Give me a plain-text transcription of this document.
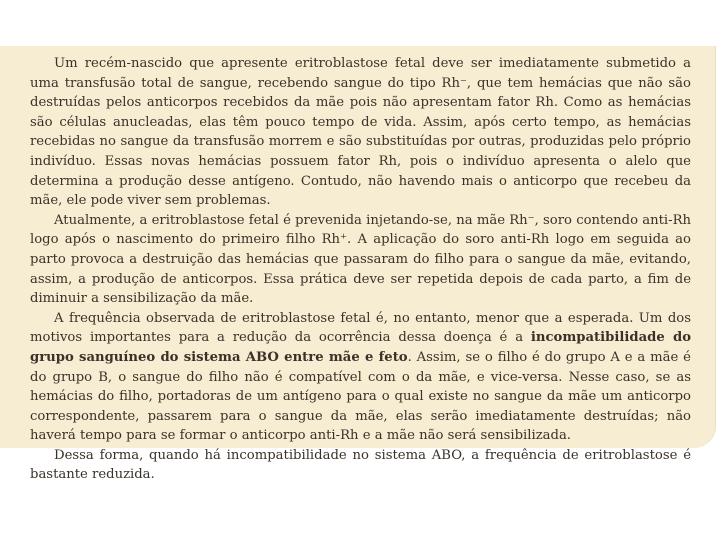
Um recém-nascido que apresente eritroblastose fetal deve ser imediatamente submetido a uma transfusão total de sangue, recebendo sangue do tipo Rh⁻, que tem hemácias que não são destruídas pelos anticorpos recebidos da mãe pois não apresentam fator Rh. Como as hemácias são células anucleadas, elas têm pouco tempo de vida. Assim, após certo tempo, as hemácias recebidas no sangue da transfusão morrem e são substituídas por outras, produzidas pelo próprio indivíduo. Essas novas hemácias possuem fator Rh, pois o indivíduo apresenta o alelo que determina a produção desse antígeno. Contudo, não havendo mais o anticorpo que recebeu da mãe, ele pode viver sem problemas.

Atualmente, a eritroblastose fetal é prevenida injetando-se, na mãe Rh⁻, soro contendo anti-Rh logo após o nascimento do primeiro filho Rh⁺. A aplicação do soro anti-Rh logo em seguida ao parto provoca a destruição das hemácias que passaram do filho para o sangue da mãe, evitando, assim, a produção de anticorpos. Essa prática deve ser repetida depois de cada parto, a fim de diminuir a sensibilização da mãe.

A frequência observada de eritroblastose fetal é, no entanto, menor que a esperada. Um dos motivos importantes para a redução da ocorrência dessa doença é a incompatibilidade do grupo sanguíneo do sistema ABO entre mãe e feto. Assim, se o filho é do grupo A e a mãe é do grupo B, o sangue do filho não é compatível com o da mãe, e vice-versa. Nesse caso, se as hemácias do filho, portadoras de um antígeno para o qual existe no sangue da mãe um anticorpo correspondente, passarem para o sangue da mãe, elas serão imediatamente destruídas; não haverá tempo para se formar o anticorpo anti-Rh e a mãe não será sensibilizada.

Dessa forma, quando há incompatibilidade no sistema ABO, a frequência de eritroblastose é bastante reduzida.
